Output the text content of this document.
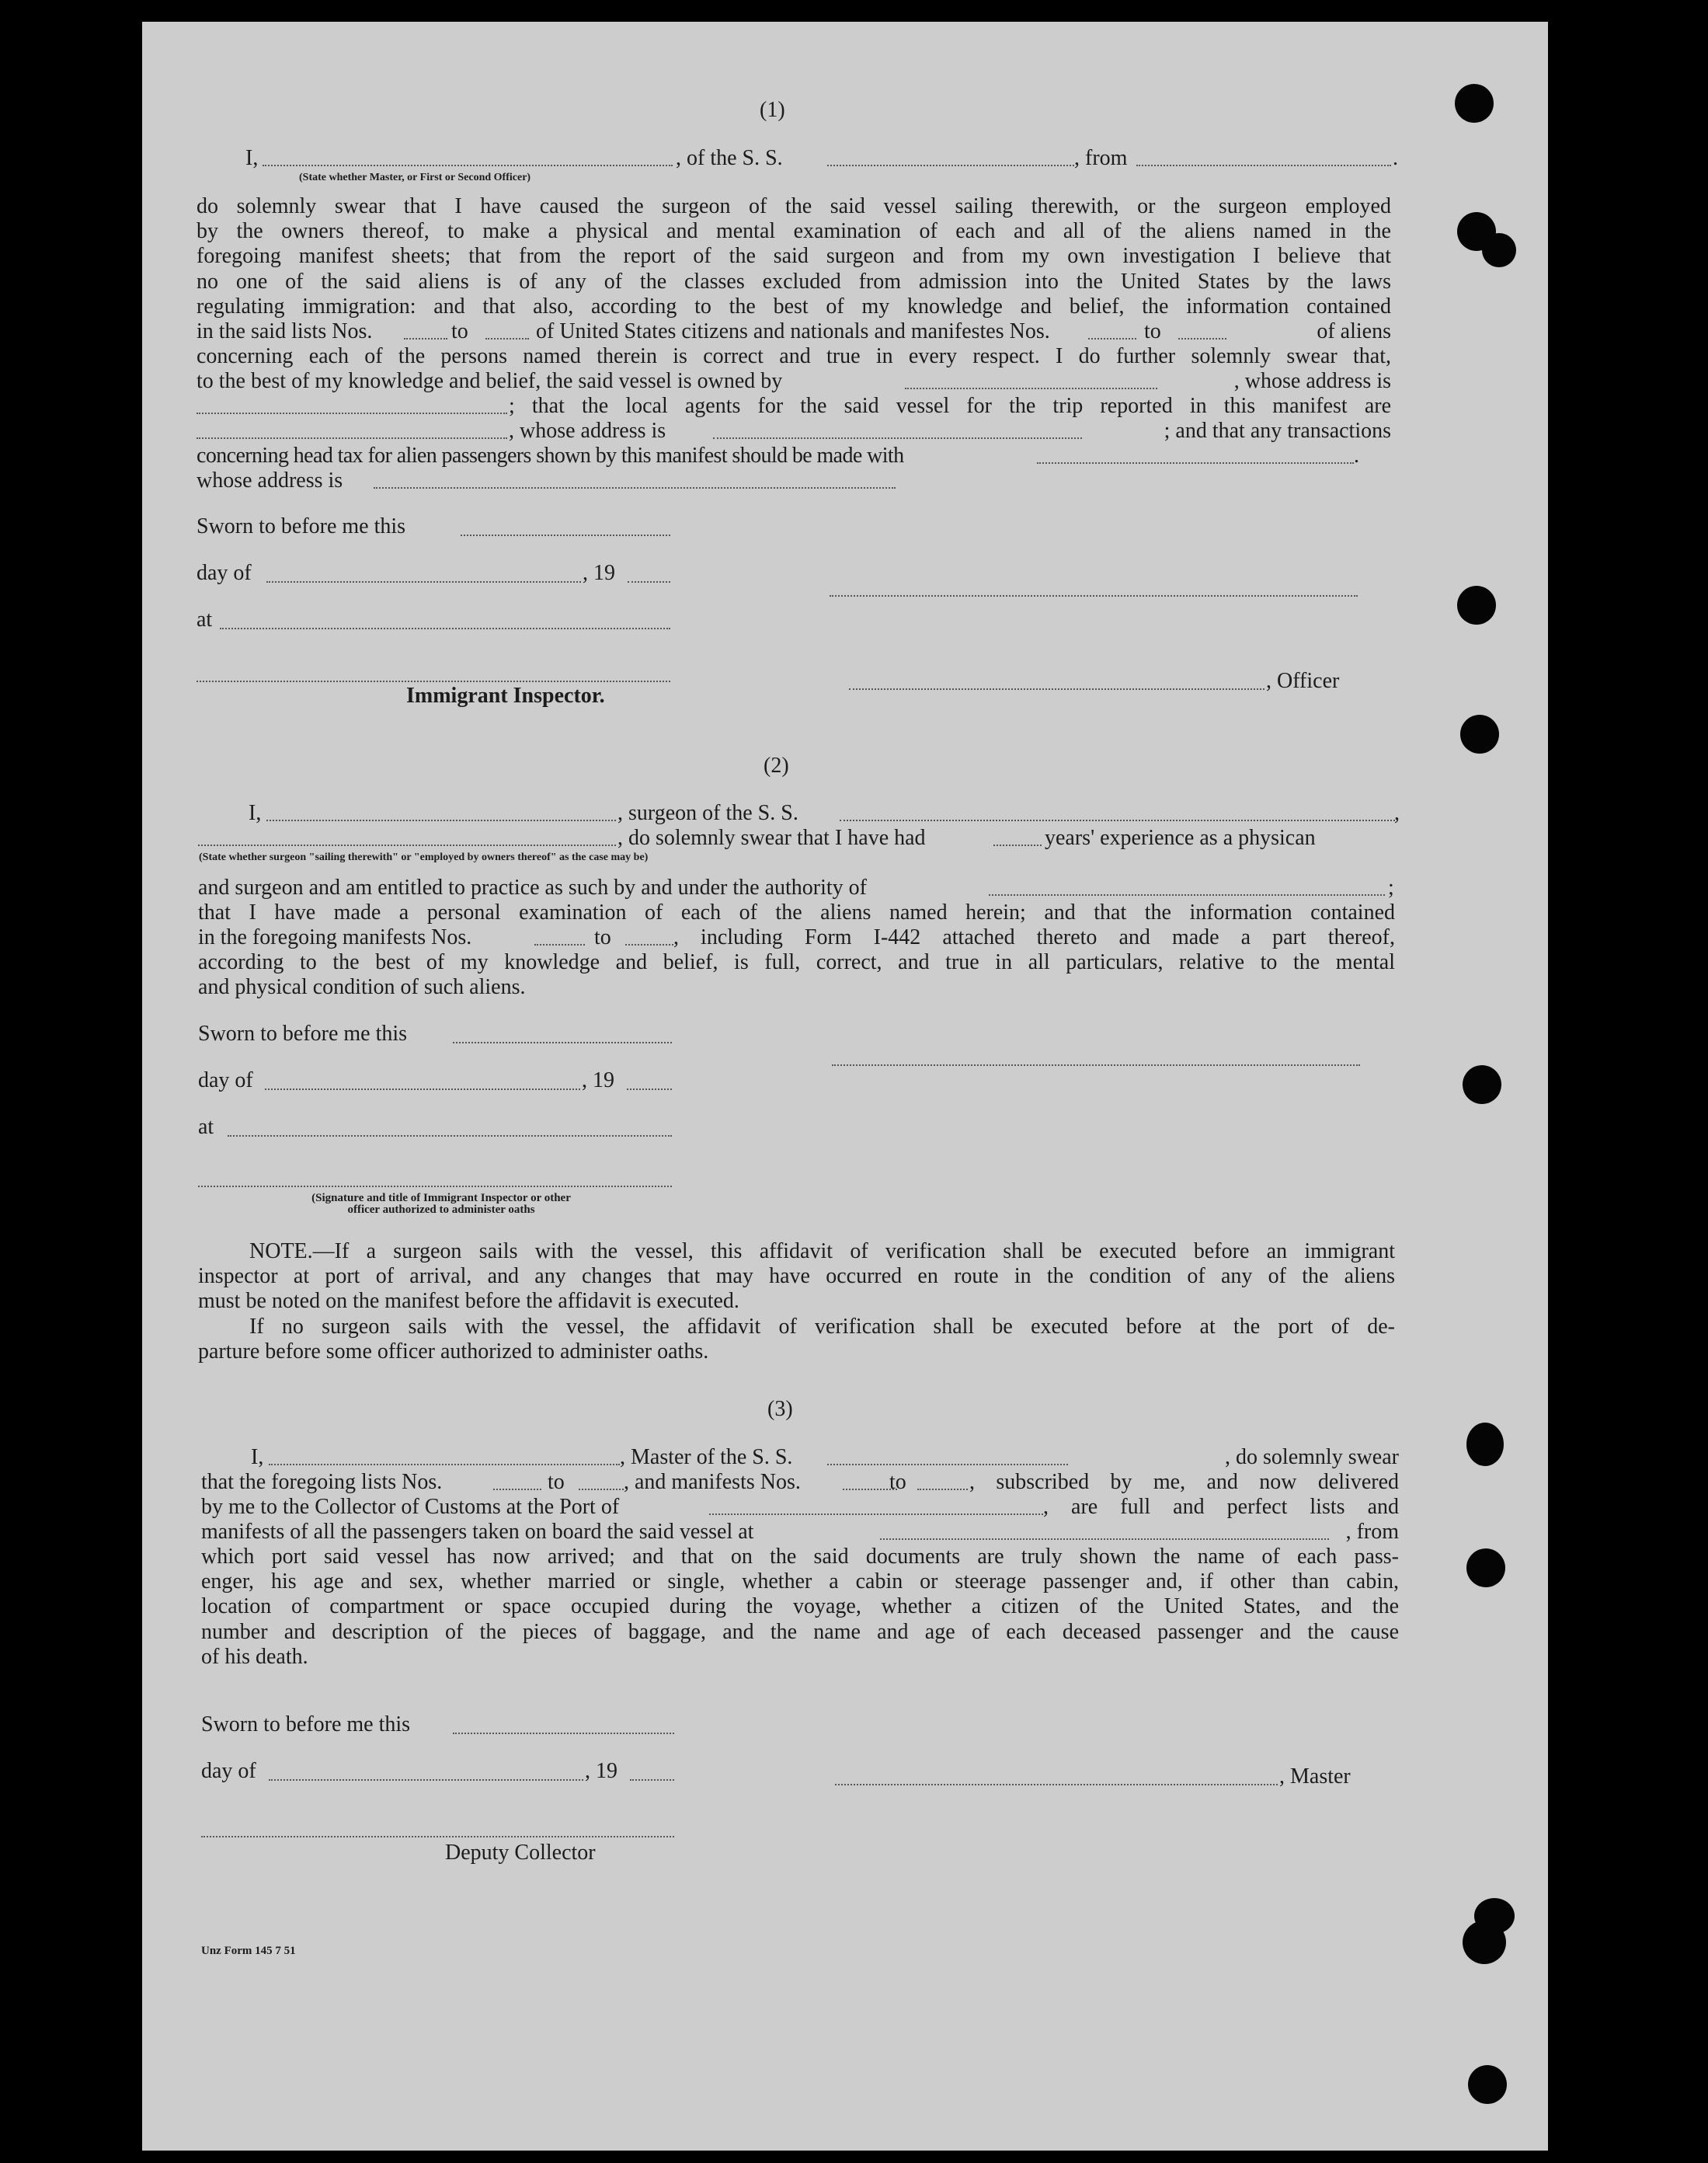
(1)
I,	, of the S. S.	, from	.
(State whether Master, or First or Second Officer)
do solemnly swear that I have caused the surgeon of the said vessel sailing therewith, or the surgeon employed
by the owners thereof, to make a physical and mental examination of each and all of the aliens named in the
foregoing manifest sheets; that from the report of the said surgeon and from my own investigation I believe that
no one of the said aliens is of any of the classes excluded from admission into the United States by the laws
regulating immigration: and that also, according to the best of my knowledge and belief, the information contained
in the said lists Nos.	to	of United States citizens and nationals and manifestes Nos.	to	of aliens
concerning each of the persons named therein is correct and true in every respect. I do further solemnly swear that,
to the best of my knowledge and belief, the said vessel is owned by	, whose address is
; that the local agents for the said vessel for the trip reported in this manifest are
, whose address is	; and that any transactions
concerning head tax for alien passengers shown by this manifest should be made with	.
whose address is
Sworn to before me this
day of	, 19
at
Immigrant Inspector.
, Officer
(2)
I,	, surgeon of the S. S.	,
, do solemnly swear that I have had	years' experience as a physican
(State whether surgeon "sailing therewith" or "employed by owners thereof" as the case may be)
and surgeon and am entitled to practice as such by and under the authority of	;
that I have made a personal examination of each of the aliens named herein; and that the information contained
in the foregoing manifests Nos.	to	, including Form I-442 attached thereto and made a part thereof,
according to the best of my knowledge and belief, is full, correct, and true in all particulars, relative to the mental
and physical condition of such aliens.
Sworn to before me this
day of	, 19
at
(Signature and title of Immigrant Inspector or other
officer authorized to administer oaths
NOTE.—If a surgeon sails with the vessel, this affidavit of verification shall be executed before an immigrant
inspector at port of arrival, and any changes that may have occurred en route in the condition of any of the aliens
must be noted on the manifest before the affidavit is executed.
If no surgeon sails with the vessel, the affidavit of verification shall be executed before at the port of de-
parture before some officer authorized to administer oaths.
(3)
I,	, Master of the S. S.	, do solemnly swear
that the foregoing lists Nos.	to	, and manifests Nos.	to	, subscribed by me, and now delivered
by me to the Collector of Customs at the Port of	, are full and perfect lists and
manifests of all the passengers taken on board the said vessel at	, from
which port said vessel has now arrived; and that on the said documents are truly shown the name of each pass-
enger, his age and sex, whether married or single, whether a cabin or steerage passenger and, if other than cabin,
location of compartment or space occupied during the voyage, whether a citizen of the United States, and the
number and description of the pieces of baggage, and the name and age of each deceased passenger and the cause
of his death.
Sworn to before me this
day of	, 19	, Master
Deputy Collector
Unz Form 145 7 51
